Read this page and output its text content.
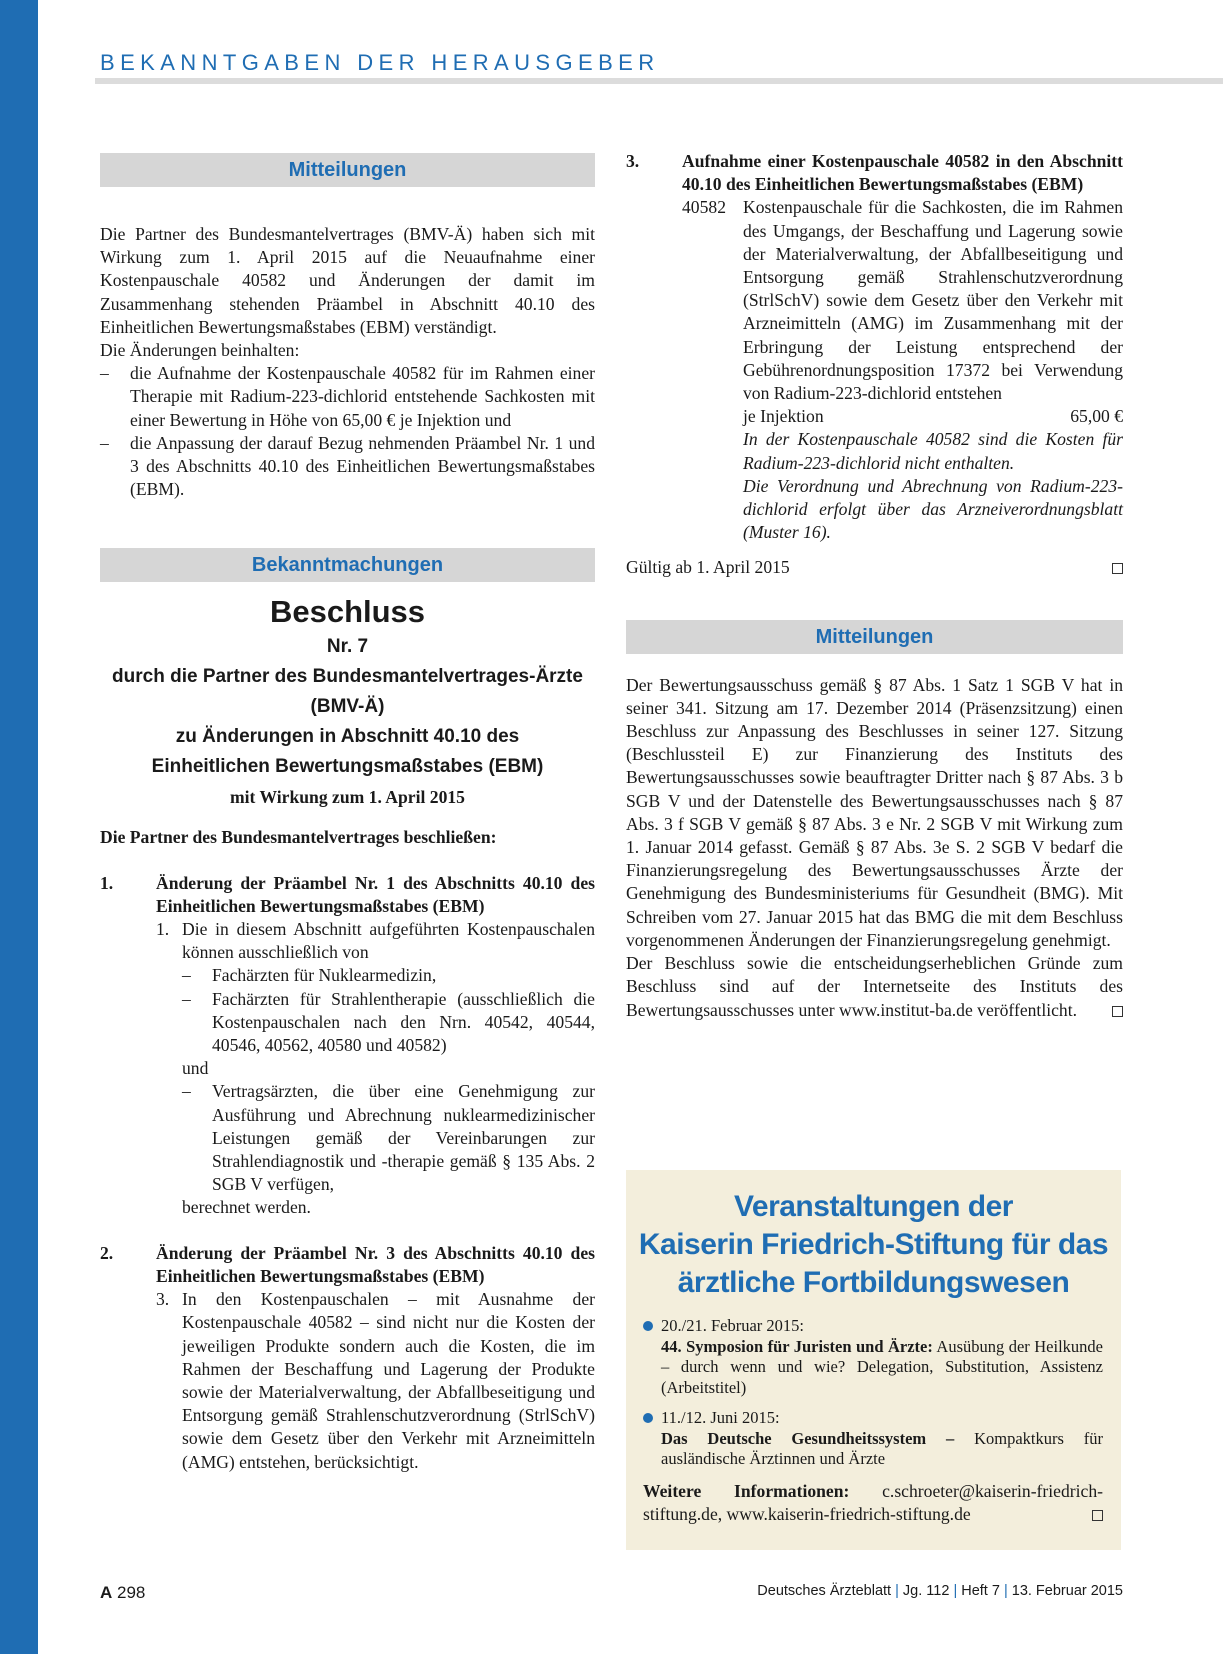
BEKANNTGABEN DER HERAUSGEBER
Mitteilungen

Die Partner des Bundesmantelvertrages (BMV-Ä) haben sich mit Wirkung zum 1. April 2015 auf die Neuaufnahme einer Kostenpauschale 40582 und Änderungen der damit im Zusammenhang stehenden Präambel in Abschnitt 40.10 des Einheitlichen Bewertungsmaßstabes (EBM) verständigt.

Die Änderungen beinhalten:

– die Aufnahme der Kostenpauschale 40582 für im Rahmen einer Therapie mit Radium-223-dichlorid entstehende Sachkosten mit einer Bewertung in Höhe von 65,00 € je Injektion und
– die Anpassung der darauf Bezug nehmenden Präambel Nr. 1 und 3 des Abschnitts 40.10 des Einheitlichen Bewertungsmaßstabes (EBM).
Bekanntmachungen

Beschluss

Nr. 7

durch die Partner des Bundesmantelvertrages-Ärzte

(BMV-Ä)

zu Änderungen in Abschnitt 40.10 des

Einheitlichen Bewertungsmaßstabes (EBM)

mit Wirkung zum 1. April 2015

Die Partner des Bundesmantelvertrages beschließen:

1. Änderung der Präambel Nr. 1 des Abschnitts 40.10 des Einheitlichen Bewertungsmaßstabes (EBM)
1. Die in diesem Abschnitt aufgeführten Kostenpauschalen können ausschließlich von
– Fachärzten für Nuklearmedizin,
– Fachärzten für Strahlentherapie (ausschließlich die Kostenpauschalen nach den Nrn. 40542, 40544, 40546, 40562, 40580 und 40582)

und

– Vertragsärzten, die über eine Genehmigung zur Ausführung und Abrechnung nuklearmedizinischer Leistungen gemäß der Vereinbarungen zur Strahlendiagnostik und -therapie gemäß § 135 Abs. 2 SGB V verfügen,

berechnet werden.

2. Änderung der Präambel Nr. 3 des Abschnitts 40.10 des Einheitlichen Bewertungsmaßstabes (EBM)
3. In den Kostenpauschalen – mit Ausnahme der Kostenpauschale 40582 – sind nicht nur die Kosten der jeweiligen Produkte sondern auch die Kosten, die im Rahmen der Beschaffung und Lagerung der Produkte sowie der Materialverwaltung, der Abfallbeseitigung und Entsorgung gemäß Strahlenschutzverordnung (StrlSchV) sowie dem Gesetz über den Verkehr mit Arzneimitteln (AMG) entstehen, berücksichtigt.
3. Aufnahme einer Kostenpauschale 40582 in den Abschnitt 40.10 des Einheitlichen Bewertungsmaßstabes (EBM)
40582 Kostenpauschale für die Sachkosten, die im Rahmen des Umgangs, der Beschaffung und Lagerung sowie der Materialverwaltung, der Abfallbeseitigung und Entsorgung gemäß Strahlenschutzverordnung (StrlSchV) sowie dem Gesetz über den Verkehr mit Arzneimitteln (AMG) im Zusammenhang mit der Erbringung der Leistung entsprechend der Gebührenordnungsposition 17372 bei Verwendung von Radium-223-dichlorid entstehen
je Injektion	65,00 €

In der Kostenpauschale 40582 sind die Kosten für Radium-223-dichlorid nicht enthalten.

Die Verordnung und Abrechnung von Radium-223-dichlorid erfolgt über das Arzneiverordnungsblatt (Muster 16).

Gültig ab 1. April 2015
Mitteilungen

Der Bewertungsausschuss gemäß § 87 Abs. 1 Satz 1 SGB V hat in seiner 341. Sitzung am 17. Dezember 2014 (Präsenzsitzung) einen Beschluss zur Anpassung des Beschlusses in seiner 127. Sitzung (Beschlussteil E) zur Finanzierung des Instituts des Bewertungsausschusses sowie beauftragter Dritter nach § 87 Abs. 3 b SGB V und der Datenstelle des Bewertungsausschusses nach § 87 Abs. 3 f SGB V gemäß § 87 Abs. 3 e Nr. 2 SGB V mit Wirkung zum 1. Januar 2014 gefasst. Gemäß § 87 Abs. 3e S. 2 SGB V bedarf die Finanzierungsregelung des Bewertungsausschusses Ärzte der Genehmigung des Bundesministeriums für Gesundheit (BMG). Mit Schreiben vom 27. Januar 2015 hat das BMG die mit dem Beschluss vorgenommenen Änderungen der Finanzierungsregelung genehmigt.

Der Beschluss sowie die entscheidungserheblichen Gründe zum Beschluss sind auf der Internetseite des Instituts des Bewertungsausschusses unter www.institut-ba.de veröffentlicht.

Veranstaltungen der
Kaiserin Friedrich-Stiftung für das
ärztliche Fortbildungswesen
20./21. Februar 2015:
44. Symposion für Juristen und Ärzte: Ausübung der Heilkunde – durch wenn und wie? Delegation, Substitution, Assistenz (Arbeitstitel)
11./12. Juni 2015:
Das Deutsche Gesundheitssystem – Kompaktkurs für ausländische Ärztinnen und Ärzte
Weitere Informationen: c.schroeter@kaiserin-friedrich-stiftung.de, www.kaiserin-friedrich-stiftung.de
A 298	Deutsches Ärzteblatt | Jg. 112 | Heft 7 | 13. Februar 2015
